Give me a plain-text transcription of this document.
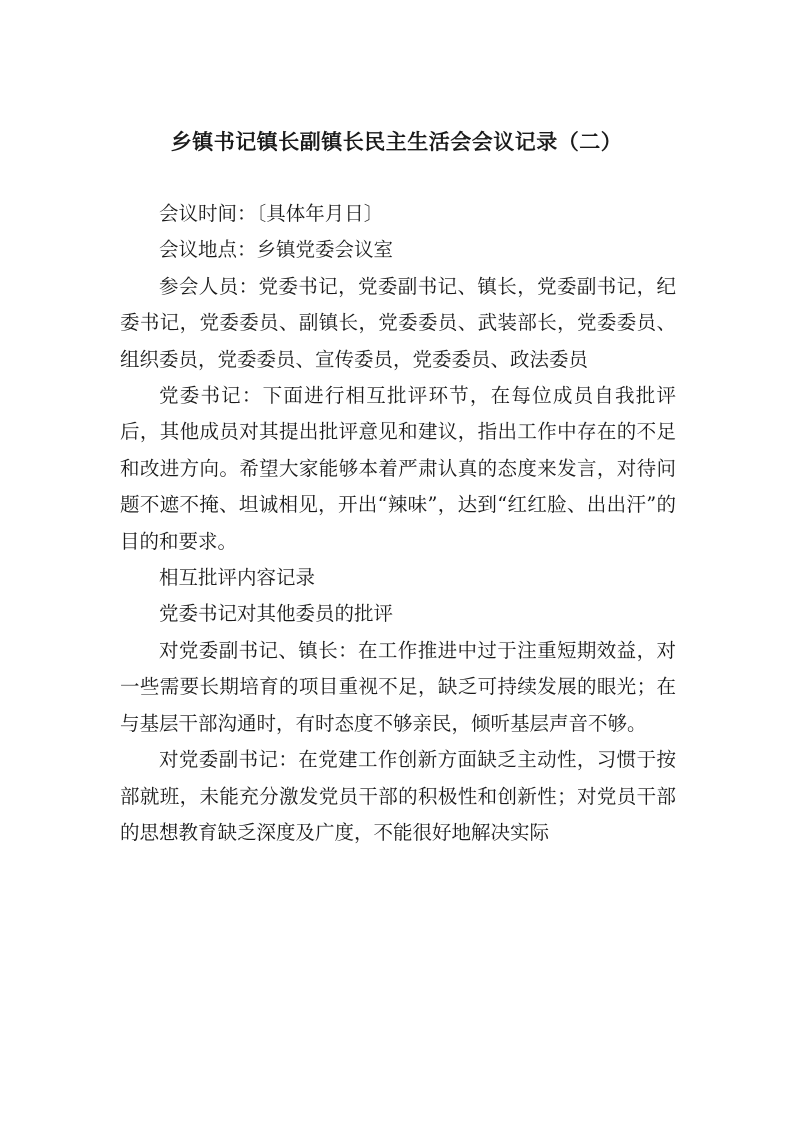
乡镇书记镇长副镇长民主生活会会议记录（二）

会议时间：〔具体年月日〕

会议地点：乡镇党委会议室

参会人员：党委书记，党委副书记、镇长，党委副书记，纪委书记，党委委员、副镇长，党委委员、武装部长，党委委员、组织委员，党委委员、宣传委员，党委委员、政法委员

党委书记：下面进行相互批评环节，在每位成员自我批评后，其他成员对其提出批评意见和建议，指出工作中存在的不足和改进方向。希望大家能够本着严肃认真的态度来发言，对待问题不遮不掩、坦诚相见，开出“辣味”，达到“红红脸、出出汗”的目的和要求。

相互批评内容记录

党委书记对其他委员的批评

对党委副书记、镇长：在工作推进中过于注重短期效益，对一些需要长期培育的项目重视不足，缺乏可持续发展的眼光；在与基层干部沟通时，有时态度不够亲民，倾听基层声音不够。

对党委副书记：在党建工作创新方面缺乏主动性，习惯于按部就班，未能充分激发党员干部的积极性和创新性；对党员干部的思想教育缺乏深度及广度，不能很好地解决实际
